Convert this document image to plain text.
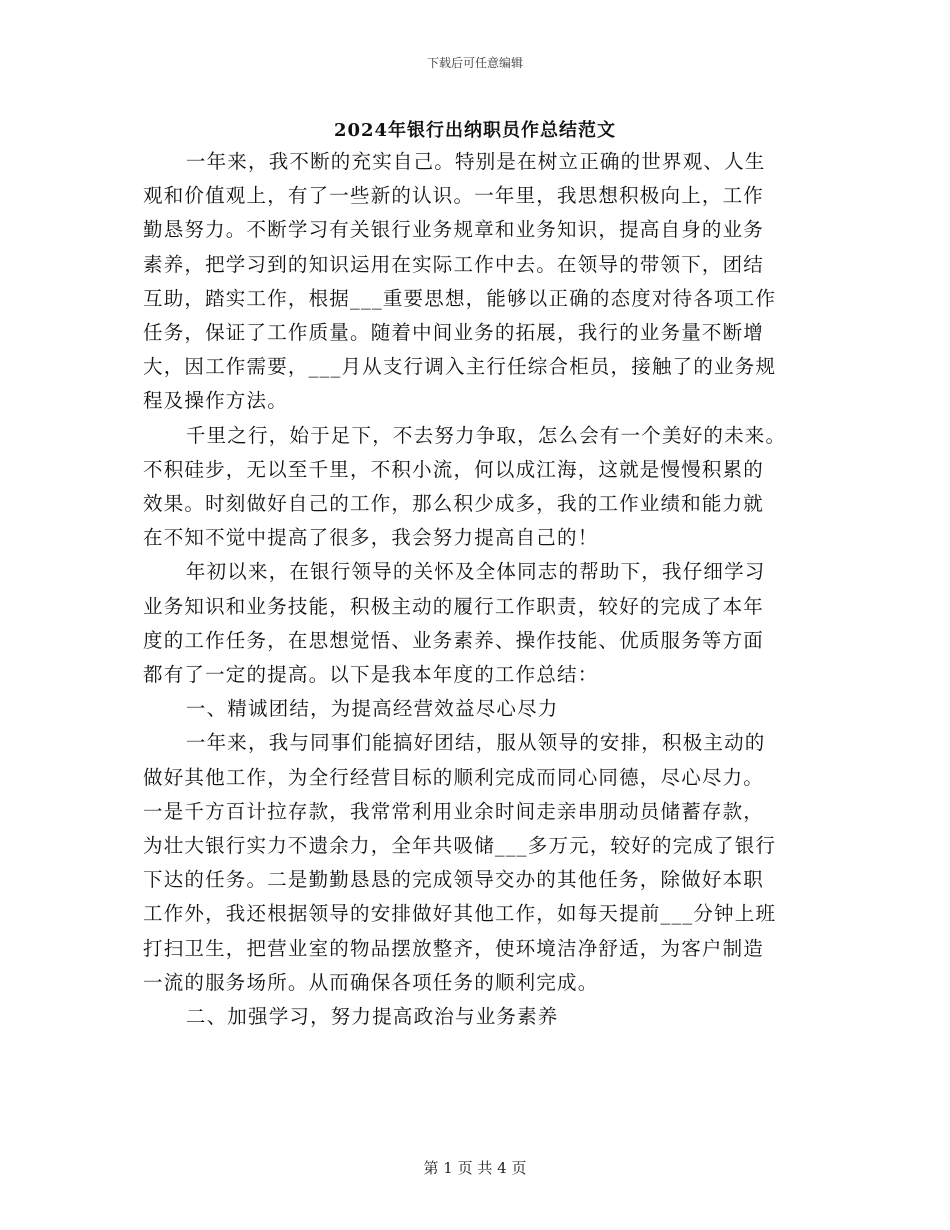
下载后可任意编辑
2024年银行出纳职员作总结范文

一年来，我不断的充实自己。特别是在树立正确的世界观、人生
观和价值观上，有了一些新的认识。一年里，我思想积极向上，工作
勤恳努力。不断学习有关银行业务规章和业务知识，提高自身的业务
素养，把学习到的知识运用在实际工作中去。在领导的带领下，团结
互助，踏实工作，根据___重要思想，能够以正确的态度对待各项工作
任务，保证了工作质量。随着中间业务的拓展，我行的业务量不断增
大，因工作需要，___月从支行调入主行任综合柜员，接触了的业务规
程及操作方法。

千里之行，始于足下，不去努力争取，怎么会有一个美好的未来。
不积硅步，无以至千里，不积小流，何以成江海，这就是慢慢积累的
效果。时刻做好自己的工作，那么积少成多，我的工作业绩和能力就
在不知不觉中提高了很多，我会努力提高自己的！

年初以来，在银行领导的关怀及全体同志的帮助下，我仔细学习
业务知识和业务技能，积极主动的履行工作职责，较好的完成了本年
度的工作任务，在思想觉悟、业务素养、操作技能、优质服务等方面
都有了一定的提高。以下是我本年度的工作总结：

一、精诚团结，为提高经营效益尽心尽力

一年来，我与同事们能搞好团结，服从领导的安排，积极主动的
做好其他工作，为全行经营目标的顺利完成而同心同德，尽心尽力。
一是千方百计拉存款，我常常利用业余时间走亲串朋动员储蓄存款，
为壮大银行实力不遗余力，全年共吸储___多万元，较好的完成了银行
下达的任务。二是勤勤恳恳的完成领导交办的其他任务，除做好本职
工作外，我还根据领导的安排做好其他工作，如每天提前___分钟上班
打扫卫生，把营业室的物品摆放整齐，使环境洁净舒适，为客户制造
一流的服务场所。从而确保各项任务的顺利完成。

二、加强学习，努力提高政治与业务素养

第 1 页 共 4 页
